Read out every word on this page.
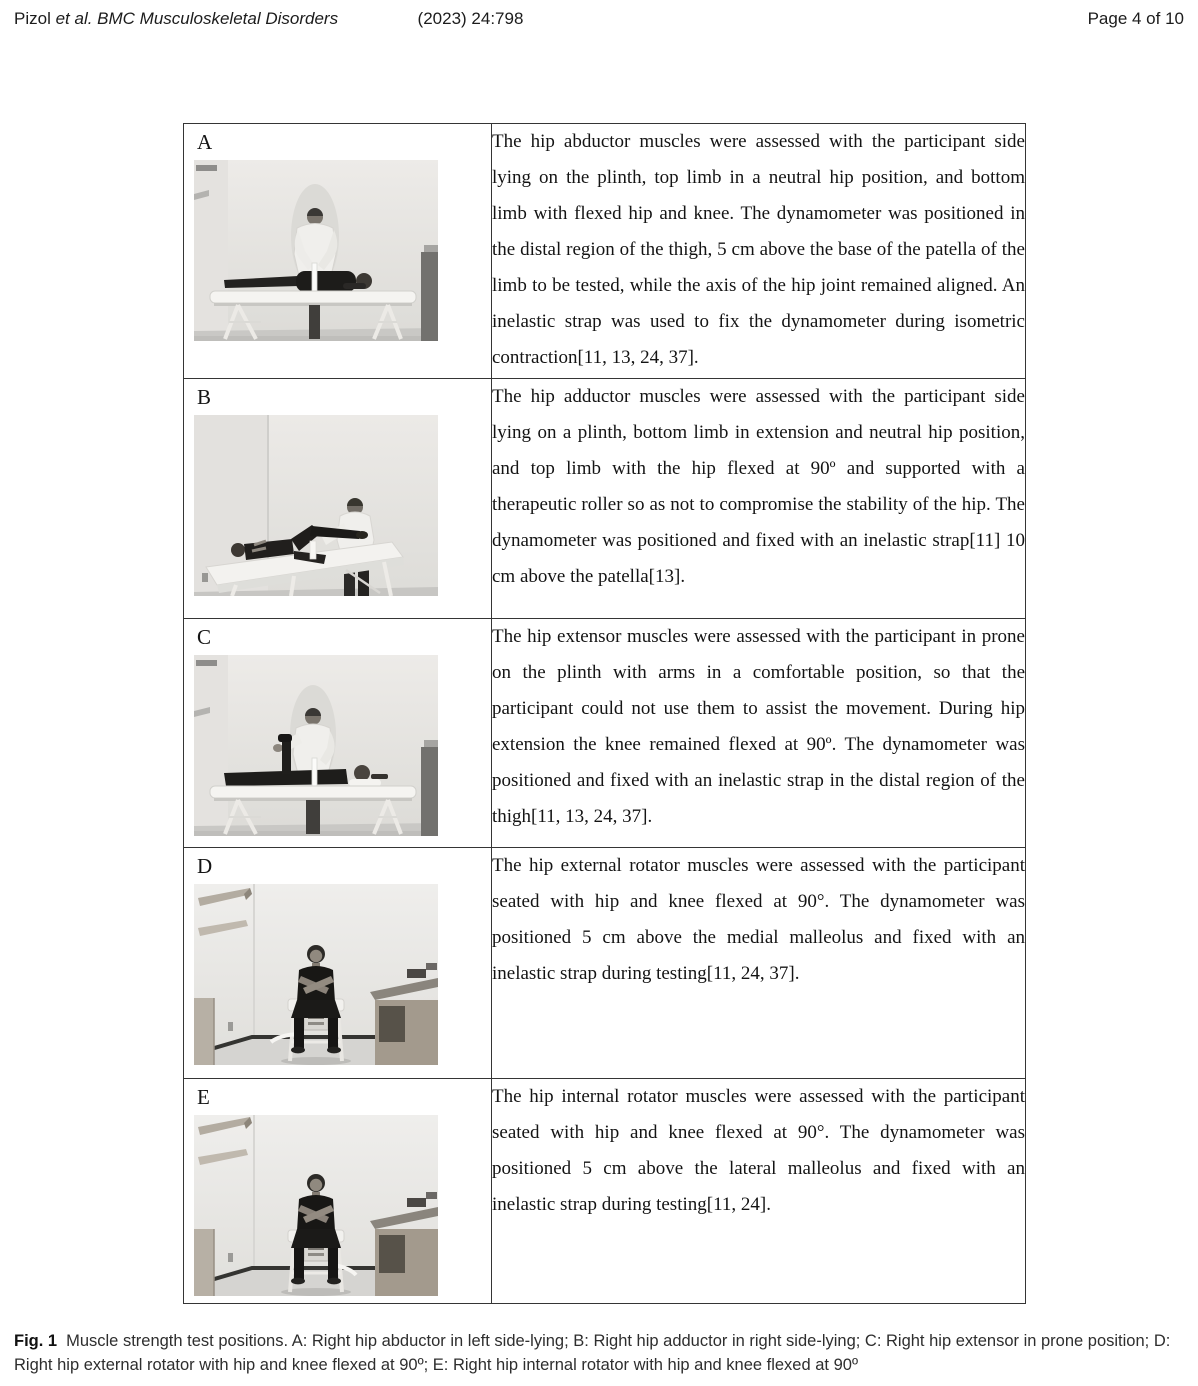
Pizol et al. BMC Musculoskeletal Disorders	(2023) 24:798	Page 4 of 10
A	The hip abductor muscles were assessed with the participant side lying on the plinth, top limb in a neutral hip position, and bottom limb with flexed hip and knee. The dynamometer was positioned in the distal region of the thigh, 5 cm above the base of the patella of the limb to be tested, while the axis of the hip joint remained aligned. An inelastic strap was used to fix the dynamometer during isometric contraction[11, 13, 24, 37].

B	The hip adductor muscles were assessed with the participant side lying on a plinth, bottom limb in extension and neutral hip position, and top limb with the hip flexed at 90º and supported with a therapeutic roller so as not to compromise the stability of the hip. The dynamometer was positioned and fixed with an inelastic strap[11] 10 cm above the patella[13].

C	The hip extensor muscles were assessed with the participant in prone on the plinth with arms in a comfortable position, so that the participant could not use them to assist the movement. During hip extension the knee remained flexed at 90º. The dynamometer was positioned and fixed with an inelastic strap in the distal region of the thigh[11, 13, 24, 37].

D	The hip external rotator muscles were assessed with the participant seated with hip and knee flexed at 90°. The dynamometer was positioned 5 cm above the medial malleolus and fixed with an inelastic strap during testing[11, 24, 37].

E	The hip internal rotator muscles were assessed with the participant seated with hip and knee flexed at 90°. The dynamometer was positioned 5 cm above the lateral malleolus and fixed with an inelastic strap during testing[11, 24].
Fig. 1 Muscle strength test positions. A: Right hip abductor in left side-lying; B: Right hip adductor in right side-lying; C: Right hip extensor in prone position; D: Right hip external rotator with hip and knee flexed at 90º; E: Right hip internal rotator with hip and knee flexed at 90º
